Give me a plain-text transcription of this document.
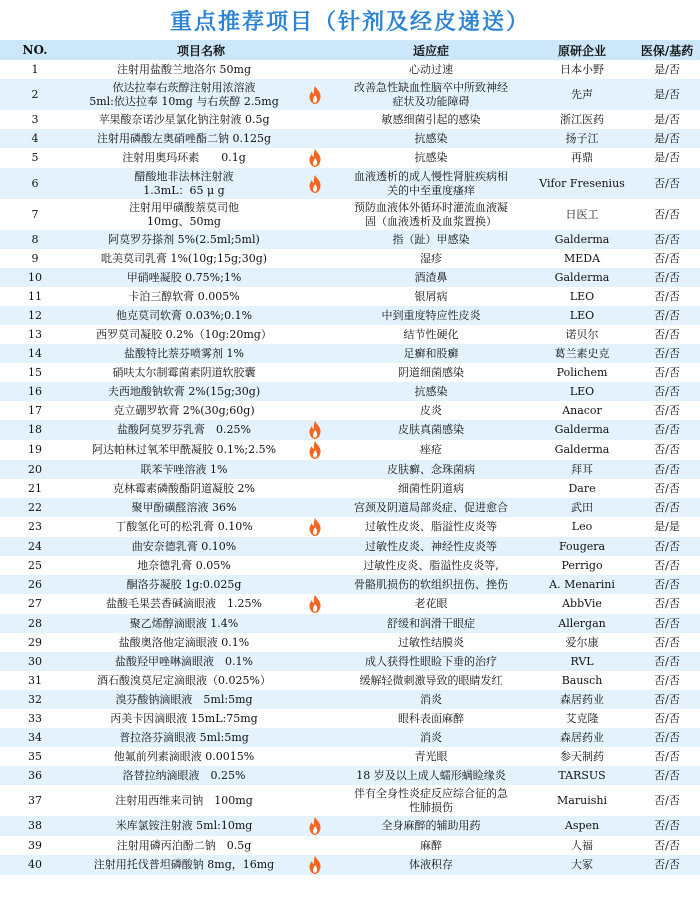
重点推荐项目（针剂及经皮递送）
NO.	项目名称		适应症	原研企业	医保/基药
1	注射用盐酸兰地洛尔 50mg		心动过速	日本小野	是/否
2	依达拉奉右莰醇注射用浓溶液
5ml:依达拉奉 10mg 与右莰醇 2.5mg		改善急性缺血性脑卒中所致神经
症状及功能障碍	先声	是/否
3	苹果酸奈诺沙星氯化钠注射液 0.5g		敏感细菌引起的感染	浙江医药	是/否
4	注射用磷酸左奥硝唑酯二钠 0.125g		抗感染	扬子江	是/否
5	注射用奥玛环素　　0.1g		抗感染	再鼎	是/否
6	醋酸地非法林注射液
1.3mL：65 μ g		血液透析的成人慢性肾脏疾病相
关的中至重度瘙痒	Vifor Fresenius	否/否
7	注射用甲磺酸萘莫司他
10mg、50mg		预防血液体外循环时灌流血液凝
固（血液透析及血浆置换）	日医工	否/否
8	阿莫罗芬搽剂 5%(2.5ml;5ml)		指（趾）甲感染	Galderma	否/否
9	吡美莫司乳膏 1%(10g;15g;30g)		湿疹	MEDA	否/否
10	甲硝唑凝胶 0.75%;1%		酒渣鼻	Galderma	否/否
11	卡泊三醇软膏 0.005%		银屑病	LEO	否/否
12	他克莫司软膏 0.03%;0.1%		中到重度特应性皮炎	LEO	否/否
13	西罗莫司凝胶 0.2%（10g:20mg）		结节性硬化	诺贝尔	否/否
14	盐酸特比萘芬喷雾剂 1%		足癣和股癣	葛兰素史克	否/否
15	硝呋太尔制霉菌素阴道软胶囊		阴道细菌感染	Polichem	否/否
16	夫西地酸钠软膏 2%(15g;30g)		抗感染	LEO	否/否
17	克立硼罗软膏 2%(30g;60g)		皮炎	Anacor	否/否
18	盐酸阿莫罗芬乳膏　0.25%		皮肤真菌感染	Galderma	否/否
19	阿达帕林过氧苯甲酰凝胶 0.1%;2.5%		痤疮	Galderma	否/否
20	联苯苄唑溶液 1%		皮肤癣、念珠菌病	拜耳	否/否
21	克林霉素磷酸酯阴道凝胶 2%		细菌性阴道病	Dare	否/否
22	聚甲酚磺醛溶液 36%		宫颈及阴道局部炎症、促进愈合	武田	否/否
23	丁酸氢化可的松乳膏 0.10%		过敏性皮炎、脂溢性皮炎等	Leo	是/是
24	曲安奈德乳膏 0.10%		过敏性皮炎、神经性皮炎等	Fougera	否/否
25	地奈德乳膏 0.05%		过敏性皮炎、脂溢性皮炎等,	Perrigo	否/否
26	酮洛芬凝胶 1g:0.025g		骨骼肌损伤的软组织扭伤、挫伤	A. Menarini	否/否
27	盐酸毛果芸香碱滴眼液　1.25%		老花眼	AbbVie	否/否
28	聚乙烯醇滴眼液 1.4%		舒缓和润滑干眼症	Allergan	否/否
29	盐酸奥洛他定滴眼液 0.1%		过敏性结膜炎	爱尔康	否/否
30	盐酸羟甲唑啉滴眼液　0.1%		成人获得性眼睑下垂的治疗	RVL	否/否
31	酒石酸溴莫尼定滴眼液（0.025%）		缓解轻微刺激导致的眼睛发红	Bausch	否/否
32	溴芬酸钠滴眼液　5ml:5mg		消炎	森居药业	否/否
33	丙美卡因滴眼液 15mL:75mg		眼科表面麻醉	艾克隆	否/否
34	普拉洛芬滴眼液 5ml:5mg		消炎	森居药业	否/否
35	他氟前列素滴眼液 0.0015%		青光眼	参天制药	否/否
36	洛替拉纳滴眼液　0.25%		18 岁及以上成人蠕形螨睑缘炎	TARSUS	否/否
37	注射用西维来司钠　100mg		伴有全身性炎症反应综合征的急
性肺损伤	Maruishi	否/否
38	米库氯铵注射液 5ml:10mg		全身麻醉的辅助用药	Aspen	否/否
39	注射用磷丙泊酚二钠　0.5g		麻醉	人福	否/否
40	注射用托伐普坦磷酸钠 8mg，16mg		体液积存	大冢	否/否
